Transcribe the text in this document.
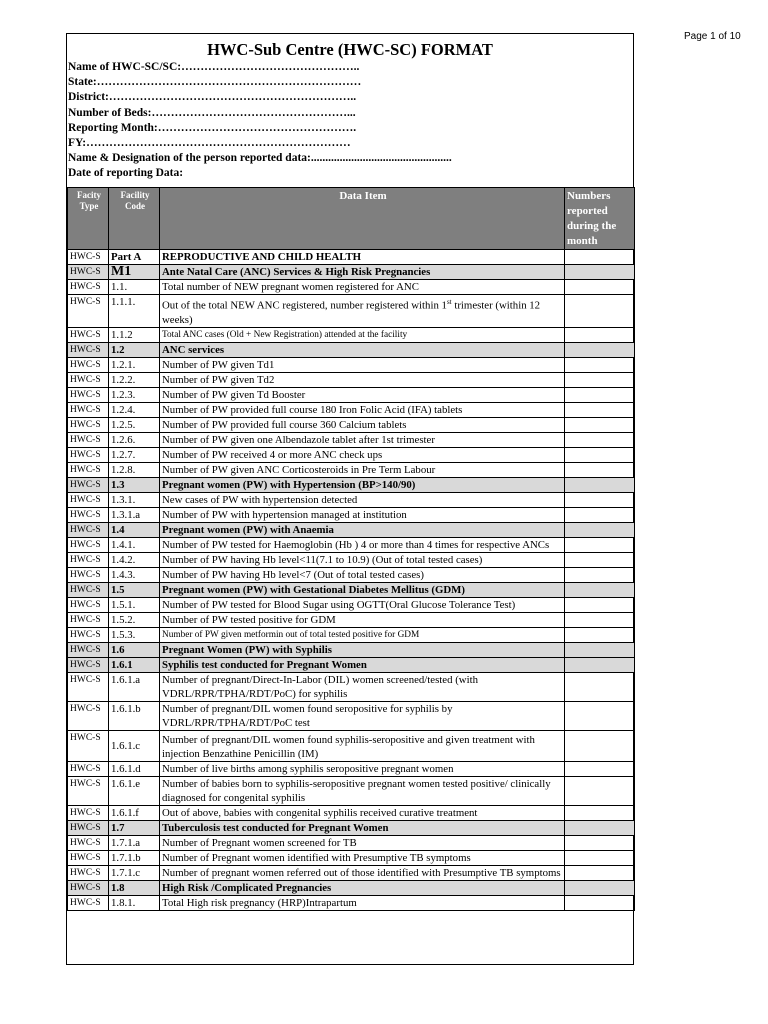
Page 1 of 10
HWC-Sub Centre (HWC-SC) FORMAT
Name of HWC-SC/SC:………………………………………..
State:……………………………………………………………
District:………………………………………………………..
Number of Beds:……………………………………………...
Reporting Month:…………………………………………….
FY:……………………………………………………………
Name & Designation of the person reported data:.................................................
Date of reporting Data:
Facity Type	Facility Code	Data Item	Numbers reported during the month
HWC-S	Part A	REPRODUCTIVE AND CHILD HEALTH	
HWC-S	M1	Ante Natal Care (ANC) Services & High Risk Pregnancies	
HWC-S	1.1.	Total number of NEW pregnant women registered for ANC	
HWC-S	1.1.1.	Out of the total NEW ANC registered, number registered within 1st trimester (within 12 weeks)	
HWC-S	1.1.2	Total ANC cases (Old + New Registration) attended at the facility	
HWC-S	1.2	ANC services	
HWC-S	1.2.1.	Number of PW given Td1	
HWC-S	1.2.2.	Number of PW given Td2	
HWC-S	1.2.3.	Number of PW given Td Booster	
HWC-S	1.2.4.	Number of PW provided full course 180 Iron Folic Acid (IFA) tablets	
HWC-S	1.2.5.	Number of PW provided full course 360 Calcium tablets	
HWC-S	1.2.6.	Number of PW given one Albendazole tablet after 1st trimester	
HWC-S	1.2.7.	Number of PW received 4 or more ANC check ups	
HWC-S	1.2.8.	Number of PW given ANC Corticosteroids in Pre Term Labour	
HWC-S	1.3	Pregnant women (PW) with Hypertension (BP>140/90)	
HWC-S	1.3.1.	New cases of PW with hypertension detected	
HWC-S	1.3.1.a	Number of PW with hypertension managed at institution	
HWC-S	1.4	Pregnant women (PW) with Anaemia	
HWC-S	1.4.1.	Number of PW tested for Haemoglobin (Hb ) 4 or more than 4 times for respective ANCs	
HWC-S	1.4.2.	Number of PW having Hb level<11(7.1 to 10.9) (Out of total tested cases)	
HWC-S	1.4.3.	Number of PW having Hb level<7 (Out of total tested cases)	
HWC-S	1.5	Pregnant women (PW) with Gestational Diabetes Mellitus (GDM)	
HWC-S	1.5.1.	Number of PW tested for Blood Sugar using OGTT(Oral Glucose Tolerance Test)	
HWC-S	1.5.2.	Number of PW tested positive for GDM	
HWC-S	1.5.3.	Number of PW given metformin out of total tested positive for GDM	
HWC-S	1.6	Pregnant Women (PW) with Syphilis	
HWC-S	1.6.1	Syphilis test conducted for Pregnant Women	
HWC-S	1.6.1.a	Number of pregnant/Direct-In-Labor (DIL) women screened/tested (with VDRL/RPR/TPHA/RDT/PoC) for syphilis	
HWC-S	1.6.1.b	Number of pregnant/DIL women found seropositive for syphilis by VDRL/RPR/TPHA/RDT/PoC test	
HWC-S	1.6.1.c	Number of pregnant/DIL women found syphilis-seropositive and given treatment with injection Benzathine Penicillin (IM)	
HWC-S	1.6.1.d	Number of live births among syphilis seropositive pregnant women	
HWC-S	1.6.1.e	Number of babies born to syphilis-seropositive pregnant women tested positive/ clinically diagnosed for congenital syphilis	
HWC-S	1.6.1.f	Out of above, babies with congenital syphilis received curative treatment	
HWC-S	1.7	Tuberculosis test conducted for Pregnant Women	
HWC-S	1.7.1.a	Number of Pregnant women screened for TB	
HWC-S	1.7.1.b	Number of Pregnant women identified with Presumptive TB symptoms	
HWC-S	1.7.1.c	Number of pregnant women referred out of those identified with Presumptive TB symptoms	
HWC-S	1.8	High Risk /Complicated Pregnancies	
HWC-S	1.8.1.	Total High risk pregnancy (HRP)Intrapartum	
